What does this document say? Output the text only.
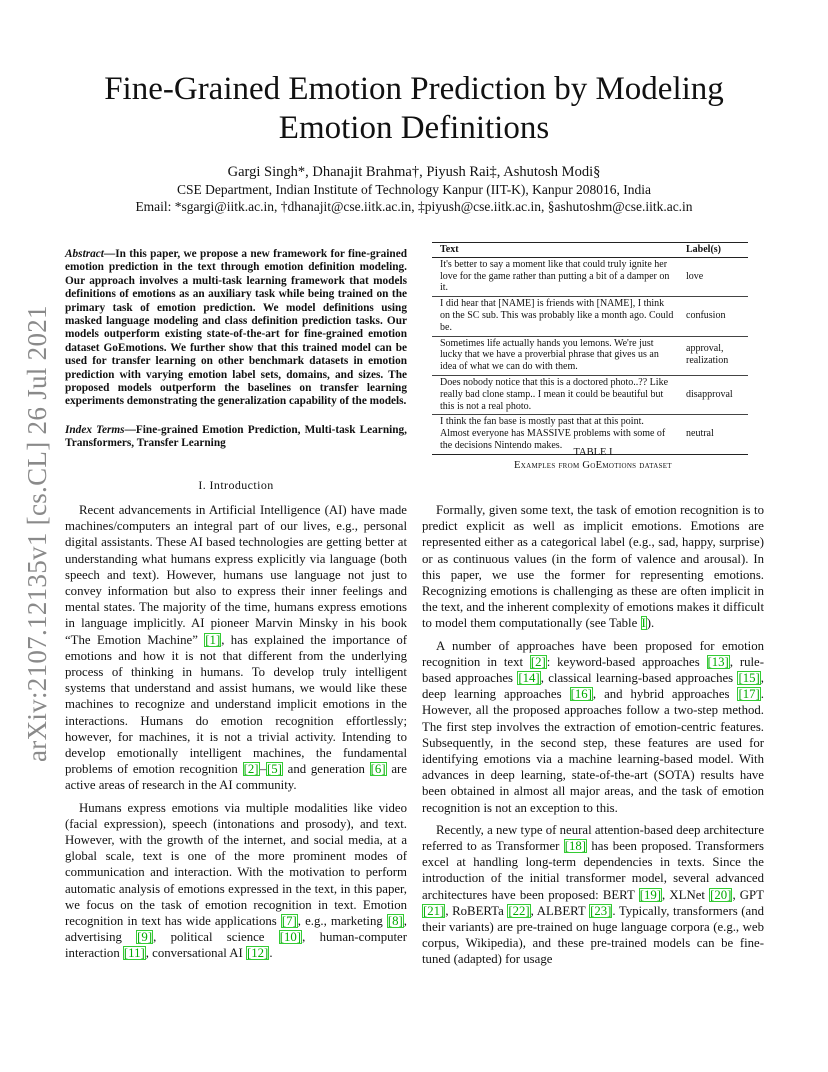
arXiv:2107.12135v1 [cs.CL] 26 Jul 2021
Fine-Grained Emotion Prediction by Modeling Emotion Definitions
Gargi Singh*, Dhanajit Brahma†, Piyush Rai‡, Ashutosh Modi§
CSE Department, Indian Institute of Technology Kanpur (IIT-K), Kanpur 208016, India
Email: *sgargi@iitk.ac.in, †dhanajit@cse.iitk.ac.in, ‡piyush@cse.iitk.ac.in, §ashutoshm@cse.iitk.ac.in
Abstract—In this paper, we propose a new framework for fine-grained emotion prediction in the text through emotion definition modeling. Our approach involves a multi-task learning framework that models definitions of emotions as an auxiliary task while being trained on the primary task of emotion prediction. We model definitions using masked language modeling and class definition prediction tasks. Our models outperform existing state-of-the-art for fine-grained emotion dataset GoEmotions. We further show that this trained model can be used for transfer learning on other benchmark datasets in emotion prediction with varying emotion label sets, domains, and sizes. The proposed models outperform the baselines on transfer learning experiments demonstrating the generalization capability of the models.
Index Terms—Fine-grained Emotion Prediction, Multi-task Learning, Transformers, Transfer Learning
I. Introduction

Recent advancements in Artificial Intelligence (AI) have made machines/computers an integral part of our lives, e.g., personal digital assistants. These AI based technologies are getting better at understanding what humans express explicitly via language (both speech and text). However, humans use language not just to convey information but also to express their inner feelings and mental states. The majority of the time, humans express emotions in language implicitly. AI pioneer Marvin Minsky in his book “The Emotion Machine” [1], has explained the importance of emotions and how it is not that different from the underlying process of thinking in humans. To develop truly intelligent systems that understand and assist humans, we would like these machines to recognize and understand implicit emotions in the interactions. Humans do emotion recognition effortlessly; however, for machines, it is not a trivial activity. Intending to develop emotionally intelligent machines, the fundamental problems of emotion recognition [2]–[5] and generation [6] are active areas of research in the AI community.

Humans express emotions via multiple modalities like video (facial expression), speech (intonations and prosody), and text. However, with the growth of the internet, and social media, at a global scale, text is one of the more prominent modes of communication and interaction. With the motivation to perform automatic analysis of emotions expressed in the text, in this paper, we focus on the task of emotion recognition in text. Emotion recognition in text has wide applications [7], e.g., marketing [8], advertising [9], political science [10], human-computer interaction [11], conversational AI [12].

Text	Label(s)
It's better to say a moment like that could truly ignite her love for the game rather than putting a bit of a damper on it.	love
I did hear that [NAME] is friends with [NAME], I think on the SC sub. This was probably like a month ago. Could be.	confusion
Sometimes life actually hands you lemons. We're just lucky that we have a proverbial phrase that gives us an idea of what we can do with them.	approval, realization
Does nobody notice that this is a doctored photo..?? Like really bad clone stamp.. I mean it could be beautiful but this is not a real photo.	disapproval
I think the fan base is mostly past that at this point. Almost everyone has MASSIVE problems with some of the decisions Nintendo makes.	neutral
TABLE I
Examples from GoEmotions dataset

Formally, given some text, the task of emotion recognition is to predict explicit as well as implicit emotions. Emotions are represented either as a categorical label (e.g., sad, happy, surprise) or as continuous values (in the form of valence and arousal). In this paper, we use the former for representing emotions. Recognizing emotions is challenging as these are often implicit in the text, and the inherent complexity of emotions makes it difficult to model them computationally (see Table I).

A number of approaches have been proposed for emotion recognition in text [2]: keyword-based approaches [13], rule-based approaches [14], classical learning-based approaches [15], deep learning approaches [16], and hybrid approaches [17]. However, all the proposed approaches follow a two-step method. The first step involves the extraction of emotion-centric features. Subsequently, in the second step, these features are used for identifying emotions via a machine learning-based model. With advances in deep learning, state-of-the-art (SOTA) results have been obtained in almost all major areas, and the task of emotion recognition is not an exception to this.

Recently, a new type of neural attention-based deep architecture referred to as Transformer [18] has been proposed. Transformers excel at handling long-term dependencies in texts. Since the introduction of the initial transformer model, several advanced architectures have been proposed: BERT [19], XLNet [20], GPT [21], RoBERTa [22], ALBERT [23]. Typically, transformers (and their variants) are pre-trained on huge language corpora (e.g., web corpus, Wikipedia), and these pre-trained models can be fine-tuned (adapted) for usage
